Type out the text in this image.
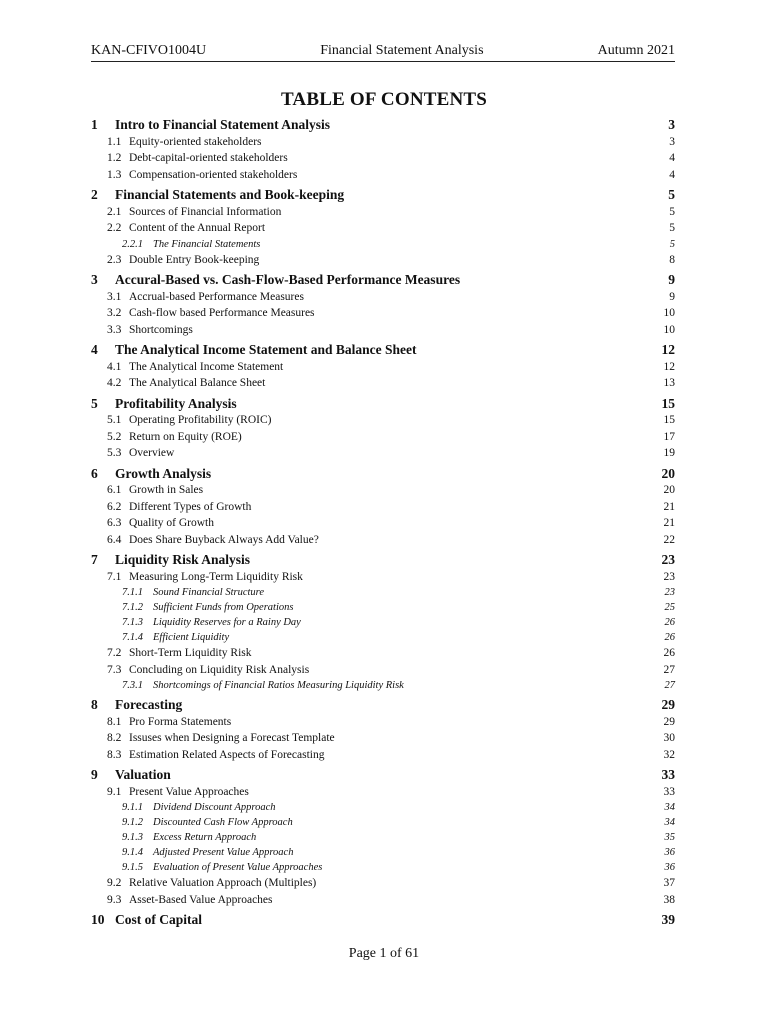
KAN-CFIVO1004U	Financial Statement Analysis	Autumn 2021
TABLE OF CONTENTS
1 Intro to Financial Statement Analysis	3
1.1 Equity-oriented stakeholders	3
1.2 Debt-capital-oriented stakeholders	4
1.3 Compensation-oriented stakeholders	4
2 Financial Statements and Book-keeping	5
2.1 Sources of Financial Information	5
2.2 Content of the Annual Report	5
2.2.1 The Financial Statements	5
2.3 Double Entry Book-keeping	8
3 Accural-Based vs. Cash-Flow-Based Performance Measures	9
3.1 Accrual-based Performance Measures	9
3.2 Cash-flow based Performance Measures	10
3.3 Shortcomings	10
4 The Analytical Income Statement and Balance Sheet	12
4.1 The Analytical Income Statement	12
4.2 The Analytical Balance Sheet	13
5 Profitability Analysis	15
5.1 Operating Profitability (ROIC)	15
5.2 Return on Equity (ROE)	17
5.3 Overview	19
6 Growth Analysis	20
6.1 Growth in Sales	20
6.2 Different Types of Growth	21
6.3 Quality of Growth	21
6.4 Does Share Buyback Always Add Value?	22
7 Liquidity Risk Analysis	23
7.1 Measuring Long-Term Liquidity Risk	23
7.1.1 Sound Financial Structure	23
7.1.2 Sufficient Funds from Operations	25
7.1.3 Liquidity Reserves for a Rainy Day	26
7.1.4 Efficient Liquidity	26
7.2 Short-Term Liquidity Risk	26
7.3 Concluding on Liquidity Risk Analysis	27
7.3.1 Shortcomings of Financial Ratios Measuring Liquidity Risk	27
8 Forecasting	29
8.1 Pro Forma Statements	29
8.2 Issuses when Designing a Forecast Template	30
8.3 Estimation Related Aspects of Forecasting	32
9 Valuation	33
9.1 Present Value Approaches	33
9.1.1 Dividend Discount Approach	34
9.1.2 Discounted Cash Flow Approach	34
9.1.3 Excess Return Approach	35
9.1.4 Adjusted Present Value Approach	36
9.1.5 Evaluation of Present Value Approaches	36
9.2 Relative Valuation Approach (Multiples)	37
9.3 Asset-Based Value Approaches	38
10 Cost of Capital	39
Page 1 of 61
